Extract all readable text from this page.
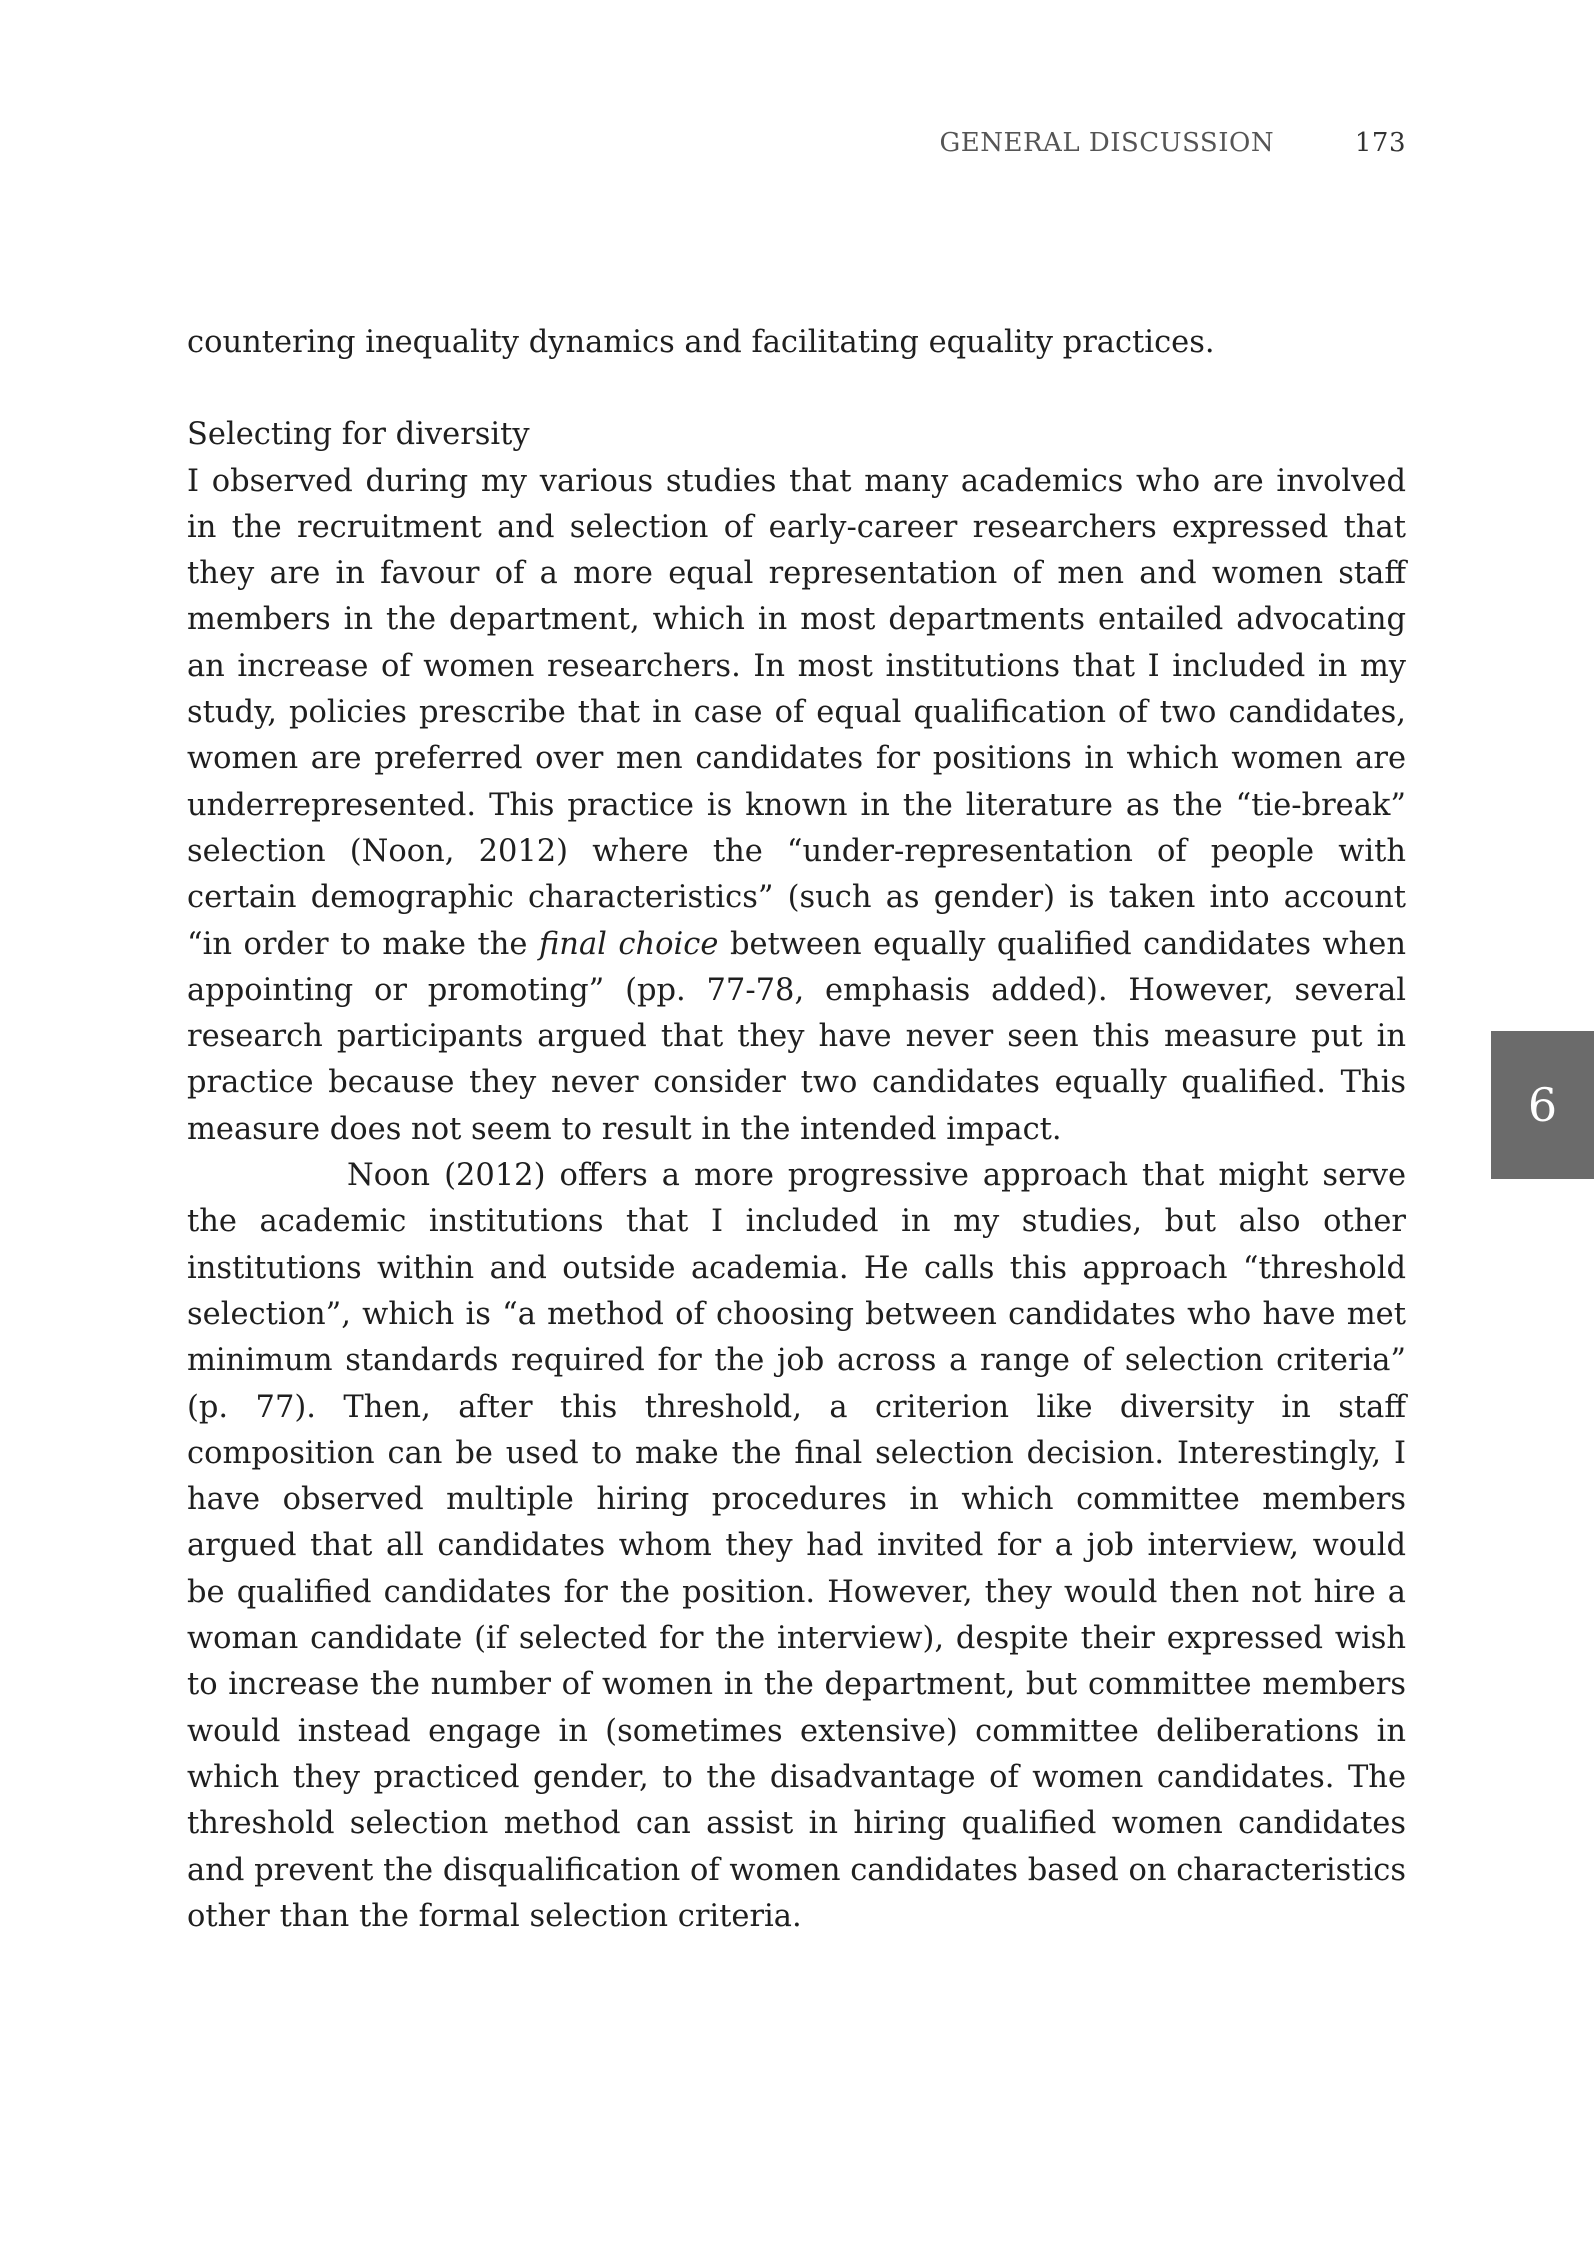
GENERAL DISCUSSION	173
6

countering inequality dynamics and facilitating equality practices.

Selecting for diversity

I observed during my various studies that many academics who are involved in the recruitment and selection of early-career researchers expressed that they are in favour of a more equal representation of men and women staff members in the department, which in most departments entailed advocating an increase of women researchers. In most institutions that I included in my study, policies prescribe that in case of equal qualification of two candidates, women are preferred over men candidates for positions in which women are underrepresented. This practice is known in the literature as the “tie-break” selection (Noon, 2012) where the “under-representation of people with certain demographic characteristics” (such as gender) is taken into account “in order to make the final choice between equally qualified candidates when appointing or promoting” (pp. 77-78, emphasis added). However, several research participants argued that they have never seen this measure put in practice because they never consider two candidates equally qualified. This measure does not seem to result in the intended impact.

Noon (2012) offers a more progressive approach that might serve the academic institutions that I included in my studies, but also other institutions within and outside academia. He calls this approach “threshold selection”, which is “a method of choosing between candidates who have met minimum standards required for the job across a range of selection criteria” (p. 77). Then, after this threshold, a criterion like diversity in staff composition can be used to make the final selection decision. Interestingly, I have observed multiple hiring procedures in which committee members argued that all candidates whom they had invited for a job interview, would be qualified candidates for the position. However, they would then not hire a woman candidate (if selected for the interview), despite their expressed wish to increase the number of women in the department, but committee members would instead engage in (sometimes extensive) committee deliberations in which they practiced gender, to the disadvantage of women candidates. The threshold selection method can assist in hiring qualified women candidates and prevent the disqualification of women candidates based on characteristics other than the formal selection criteria.
